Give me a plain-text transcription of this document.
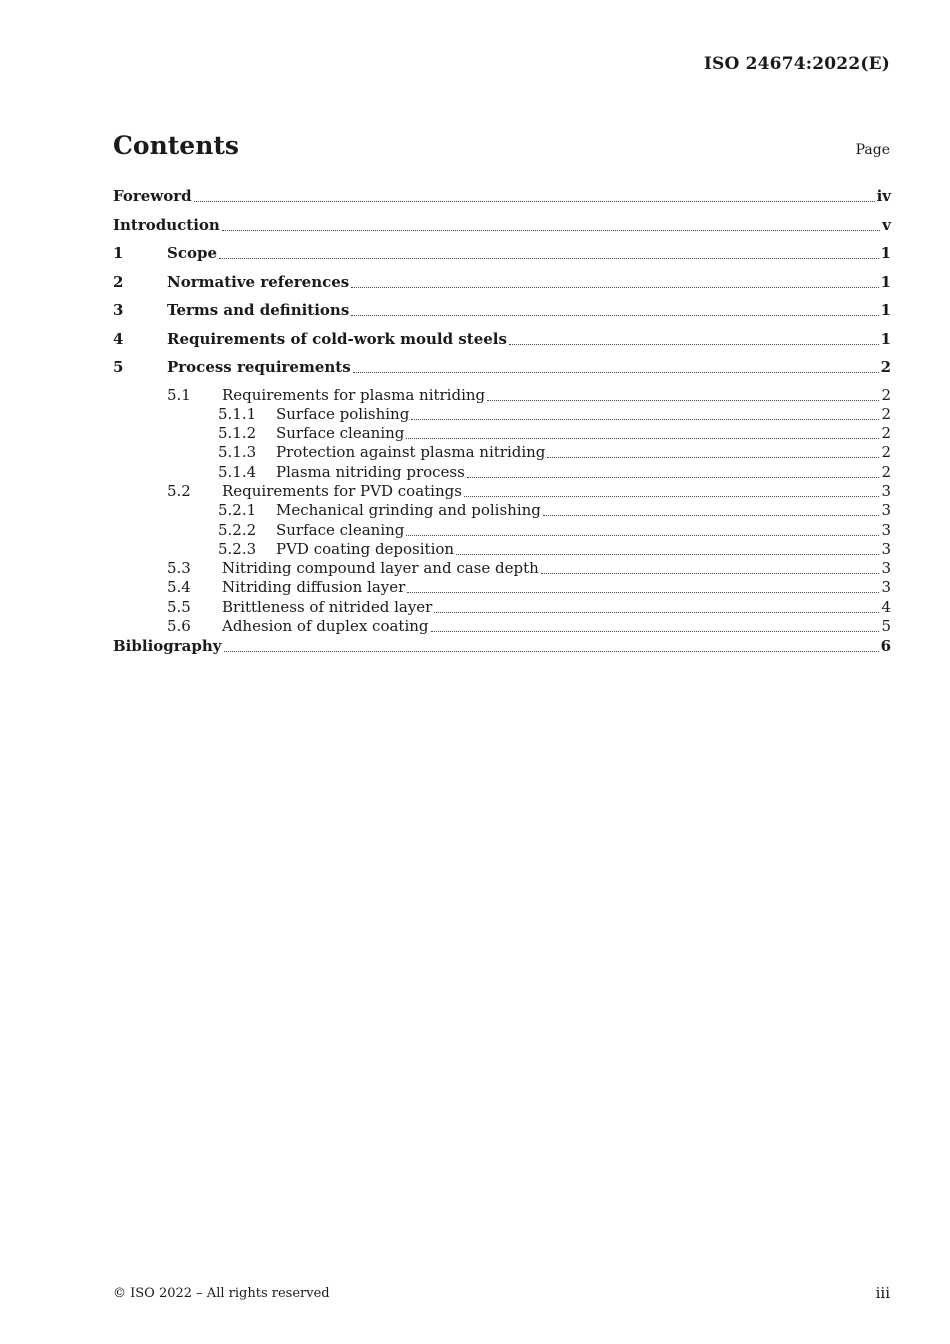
ISO 24674:2022(E)
Contents	Page
Foreword	iv
Introduction	v
1	Scope	1
2	Normative references	1
3	Terms and definitions	1
4	Requirements of cold-work mould steels	1
5	Process requirements	2
5.1	Requirements for plasma nitriding	2
5.1.1	Surface polishing	2
5.1.2	Surface cleaning	2
5.1.3	Protection against plasma nitriding	2
5.1.4	Plasma nitriding process	2
5.2	Requirements for PVD coatings	3
5.2.1	Mechanical grinding and polishing	3
5.2.2	Surface cleaning	3
5.2.3	PVD coating deposition	3
5.3	Nitriding compound layer and case depth	3
5.4	Nitriding diffusion layer	3
5.5	Brittleness of nitrided layer	4
5.6	Adhesion of duplex coating	5
Bibliography	6
© ISO 2022 – All rights reserved	iii
